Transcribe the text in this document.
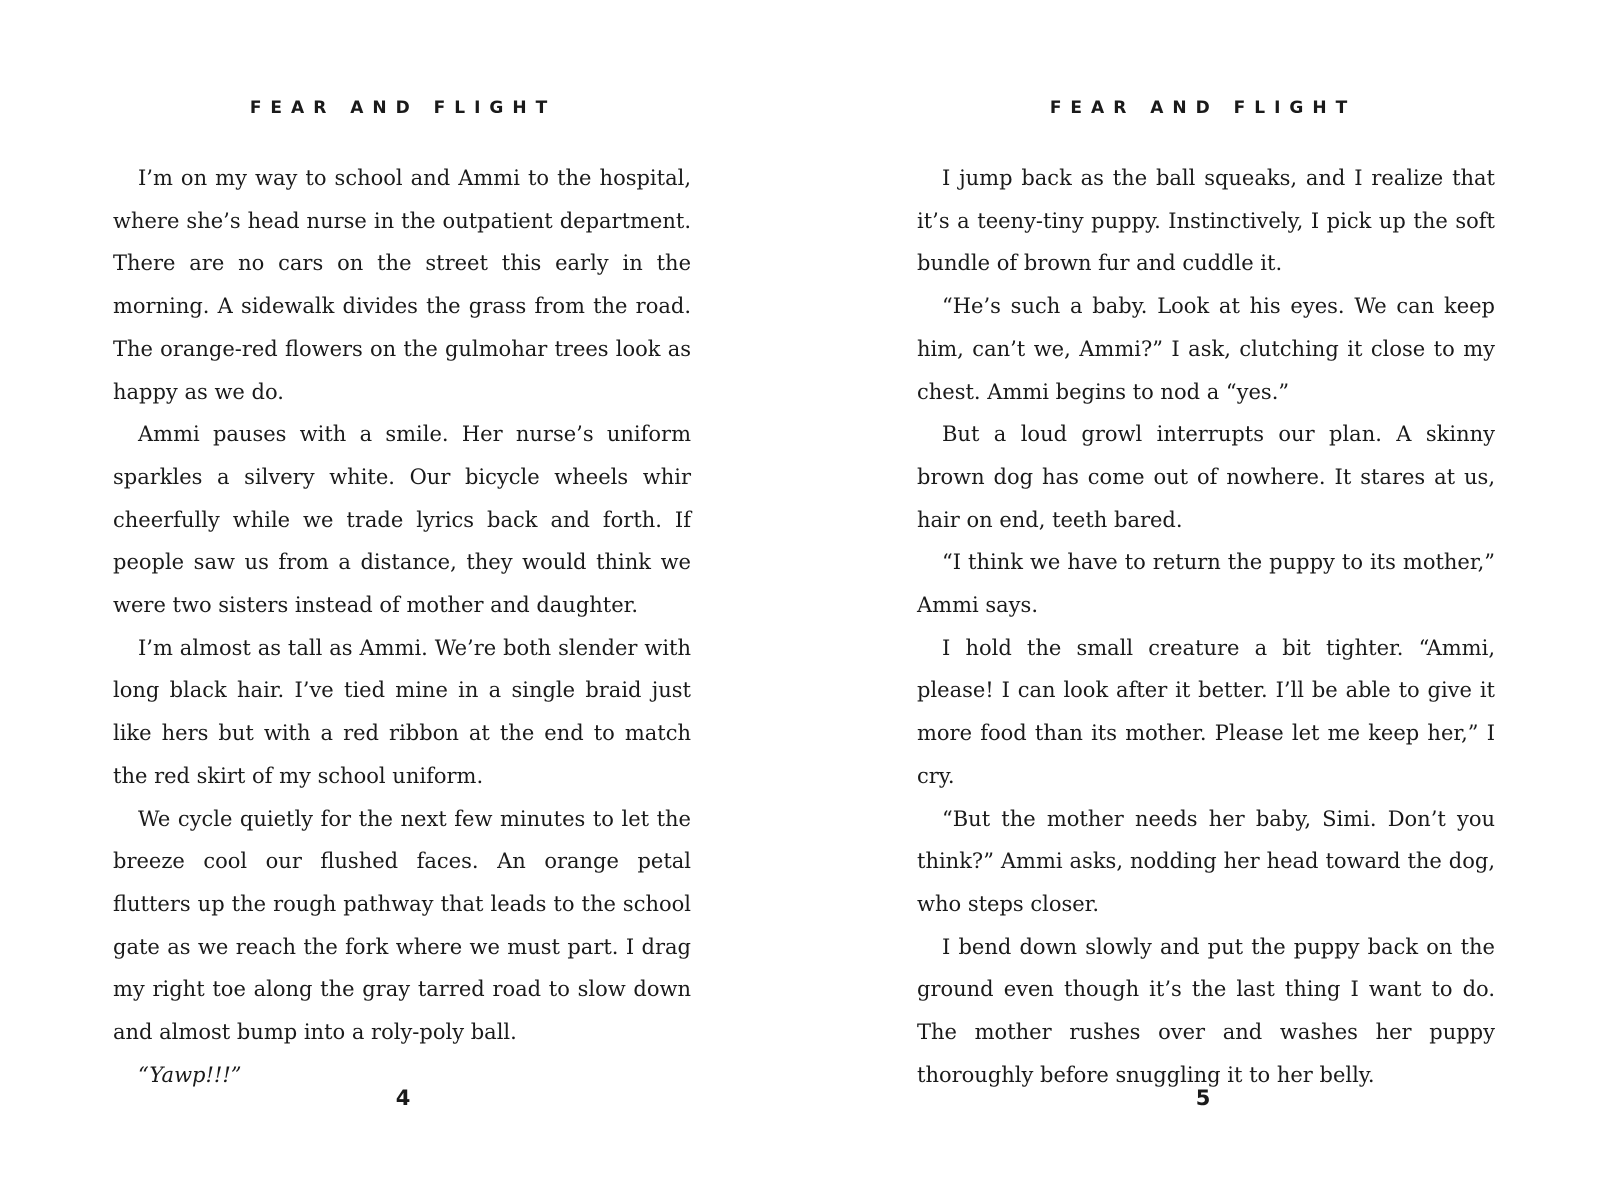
FEAR AND FLIGHT

I’m on my way to school and Ammi to the hospital, where she’s head nurse in the outpatient department. There are no cars on the street this early in the morning. A sidewalk divides the grass from the road. The orange-red flowers on the gulmohar trees look as happy as we do.

Ammi pauses with a smile. Her nurse’s uniform sparkles a silvery white. Our bicycle wheels whir cheerfully while we trade lyrics back and forth. If people saw us from a distance, they would think we were two sisters instead of mother and daughter.

I’m almost as tall as Ammi. We’re both slender with long black hair. I’ve tied mine in a single braid just like hers but with a red ribbon at the end to match the red skirt of my school uniform.

We cycle quietly for the next few minutes to let the breeze cool our flushed faces. An orange petal flutters up the rough pathway that leads to the school gate as we reach the fork where we must part. I drag my right toe along the gray tarred road to slow down and almost bump into a roly-poly ball.

“Yawp!!!”

4
FEAR AND FLIGHT

I jump back as the ball squeaks, and I realize that it’s a teeny-tiny puppy. Instinctively, I pick up the soft bundle of brown fur and cuddle it.

“He’s such a baby. Look at his eyes. We can keep him, can’t we, Ammi?” I ask, clutching it close to my chest. Ammi begins to nod a “yes.”

But a loud growl interrupts our plan. A skinny brown dog has come out of nowhere. It stares at us, hair on end, teeth bared.

“I think we have to return the puppy to its mother,” Ammi says.

I hold the small creature a bit tighter. “Ammi, please! I can look after it better. I’ll be able to give it more food than its mother. Please let me keep her,” I cry.

“But the mother needs her baby, Simi. Don’t you think?” Ammi asks, nodding her head toward the dog, who steps closer.

I bend down slowly and put the puppy back on the ground even though it’s the last thing I want to do. The mother rushes over and washes her puppy thoroughly before snuggling it to her belly.

5
